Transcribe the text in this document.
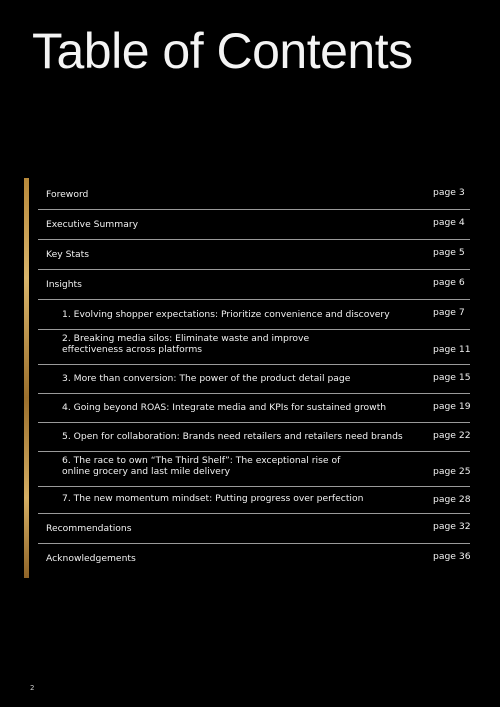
Table of Contents
Foreword	page 3
Executive Summary	page 4
Key Stats	page 5
Insights	page 6
1. Evolving shopper expectations: Prioritize convenience and discovery	page 7
2. Breaking media silos: Eliminate waste and improve
effectiveness across platforms	page 11
3. More than conversion: The power of the product detail page	page 15
4. Going beyond ROAS: Integrate media and KPIs for sustained growth	page 19
5. Open for collaboration: Brands need retailers and retailers need brands	page 22
6. The race to own “The Third Shelf”: The exceptional rise of
online grocery and last mile delivery	page 25
7. The new momentum mindset: Putting progress over perfection	page 28
Recommendations	page 32
Acknowledgements	page 36
2
